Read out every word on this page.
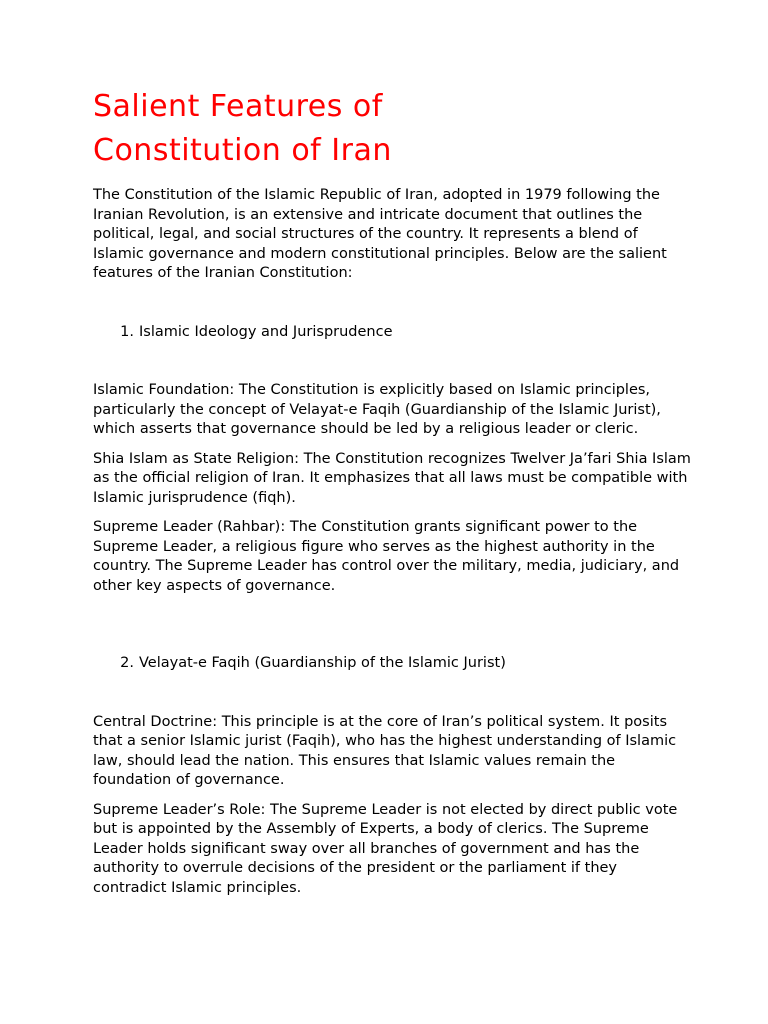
Salient Features of
Constitution of Iran

The Constitution of the Islamic Republic of Iran, adopted in 1979 following the Iranian Revolution, is an extensive and intricate document that outlines the political, legal, and social structures of the country. It represents a blend of Islamic governance and modern constitutional principles. Below are the salient features of the Iranian Constitution:

1. Islamic Ideology and Jurisprudence

Islamic Foundation: The Constitution is explicitly based on Islamic principles, particularly the concept of Velayat-e Faqih (Guardianship of the Islamic Jurist), which asserts that governance should be led by a religious leader or cleric.

Shia Islam as State Religion: The Constitution recognizes Twelver Ja’fari Shia Islam as the official religion of Iran. It emphasizes that all laws must be compatible with Islamic jurisprudence (fiqh).

Supreme Leader (Rahbar): The Constitution grants significant power to the Supreme Leader, a religious figure who serves as the highest authority in the country. The Supreme Leader has control over the military, media, judiciary, and other key aspects of governance.

2. Velayat-e Faqih (Guardianship of the Islamic Jurist)

Central Doctrine: This principle is at the core of Iran’s political system. It posits that a senior Islamic jurist (Faqih), who has the highest understanding of Islamic law, should lead the nation. This ensures that Islamic values remain the foundation of governance.

Supreme Leader’s Role: The Supreme Leader is not elected by direct public vote but is appointed by the Assembly of Experts, a body of clerics. The Supreme Leader holds significant sway over all branches of government and has the authority to overrule decisions of the president or the parliament if they contradict Islamic principles.
